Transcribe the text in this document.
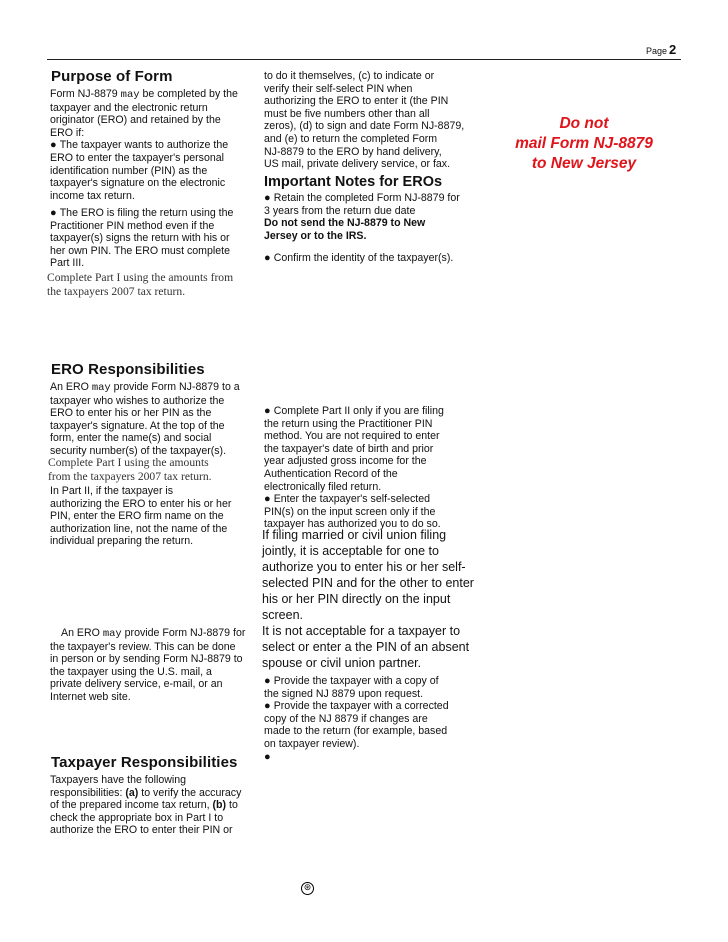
Page 2
Purpose of Form
Form NJ-8879 may be completed by the
taxpayer and the electronic return
originator (ERO) and retained by the
ERO if:
● The taxpayer wants to authorize the
ERO to enter the taxpayer's personal
identification number (PIN) as the
taxpayer's signature on the electronic
income tax return.
● The ERO is filing the return using the
Practitioner PIN method even if the
taxpayer(s) signs the return with his or
her own PIN. The ERO must complete
Part III.
Complete Part I using the amounts from
the taxpayers 2007 tax return.
to do it themselves, (c) to indicate or
verify their self-select PIN when
authorizing the ERO to enter it (the PIN
must be five numbers other than all
zeros), (d) to sign and date Form NJ-8879,
and (e) to return the completed Form
NJ-8879 to the ERO by hand delivery,
US mail, private delivery service, or fax.
Important Notes for EROs
● Retain the completed Form NJ-8879 for
3 years from the return due date
Do not send the NJ-8879 to New
Jersey or to the IRS.
● Confirm the identity of the taxpayer(s).
Do not
mail Form NJ-8879
to New Jersey
ERO Responsibilities
An ERO may provide Form NJ-8879 to a
taxpayer who wishes to authorize the
ERO to enter his or her PIN as the
taxpayer's signature. At the top of the
form, enter the name(s) and social
security number(s) of the taxpayer(s).
Complete Part I using the amounts
from the taxpayers 2007 tax return.
In Part II, if the taxpayer is
authorizing the ERO to enter his or her
PIN, enter the ERO firm name on the
authorization line, not the name of the
individual preparing the return.
An ERO may provide Form NJ-8879 for
the taxpayer's review. This can be done
in person or by sending Form NJ-8879 to
the taxpayer using the U.S. mail, a
private delivery service, e-mail, or an
Internet web site.
● Complete Part II only if you are filing
the return using the Practitioner PIN
method. You are not required to enter
the taxpayer's date of birth and prior
year adjusted gross income for the
Authentication Record of the
electronically filed return.
● Enter the taxpayer's self-selected
PIN(s) on the input screen only if the
taxpayer has authorized you to do so.
If filing married or civil union filing
jointly, it is acceptable for one to
authorize you to enter his or her self-
selected PIN and for the other to enter
his or her PIN directly on the input
screen.
It is not acceptable for a taxpayer to
select or enter a the PIN of an absent
spouse or civil union partner.
● Provide the taxpayer with a copy of
the signed NJ 8879 upon request.
● Provide the taxpayer with a corrected
copy of the NJ 8879 if changes are
made to the return (for example, based
on taxpayer review).
●
Taxpayer Responsibilities
Taxpayers have the following
responsibilities: (a) to verify the accuracy
of the prepared income tax return, (b) to
check the appropriate box in Part I to
authorize the ERO to enter their PIN or
⊛
